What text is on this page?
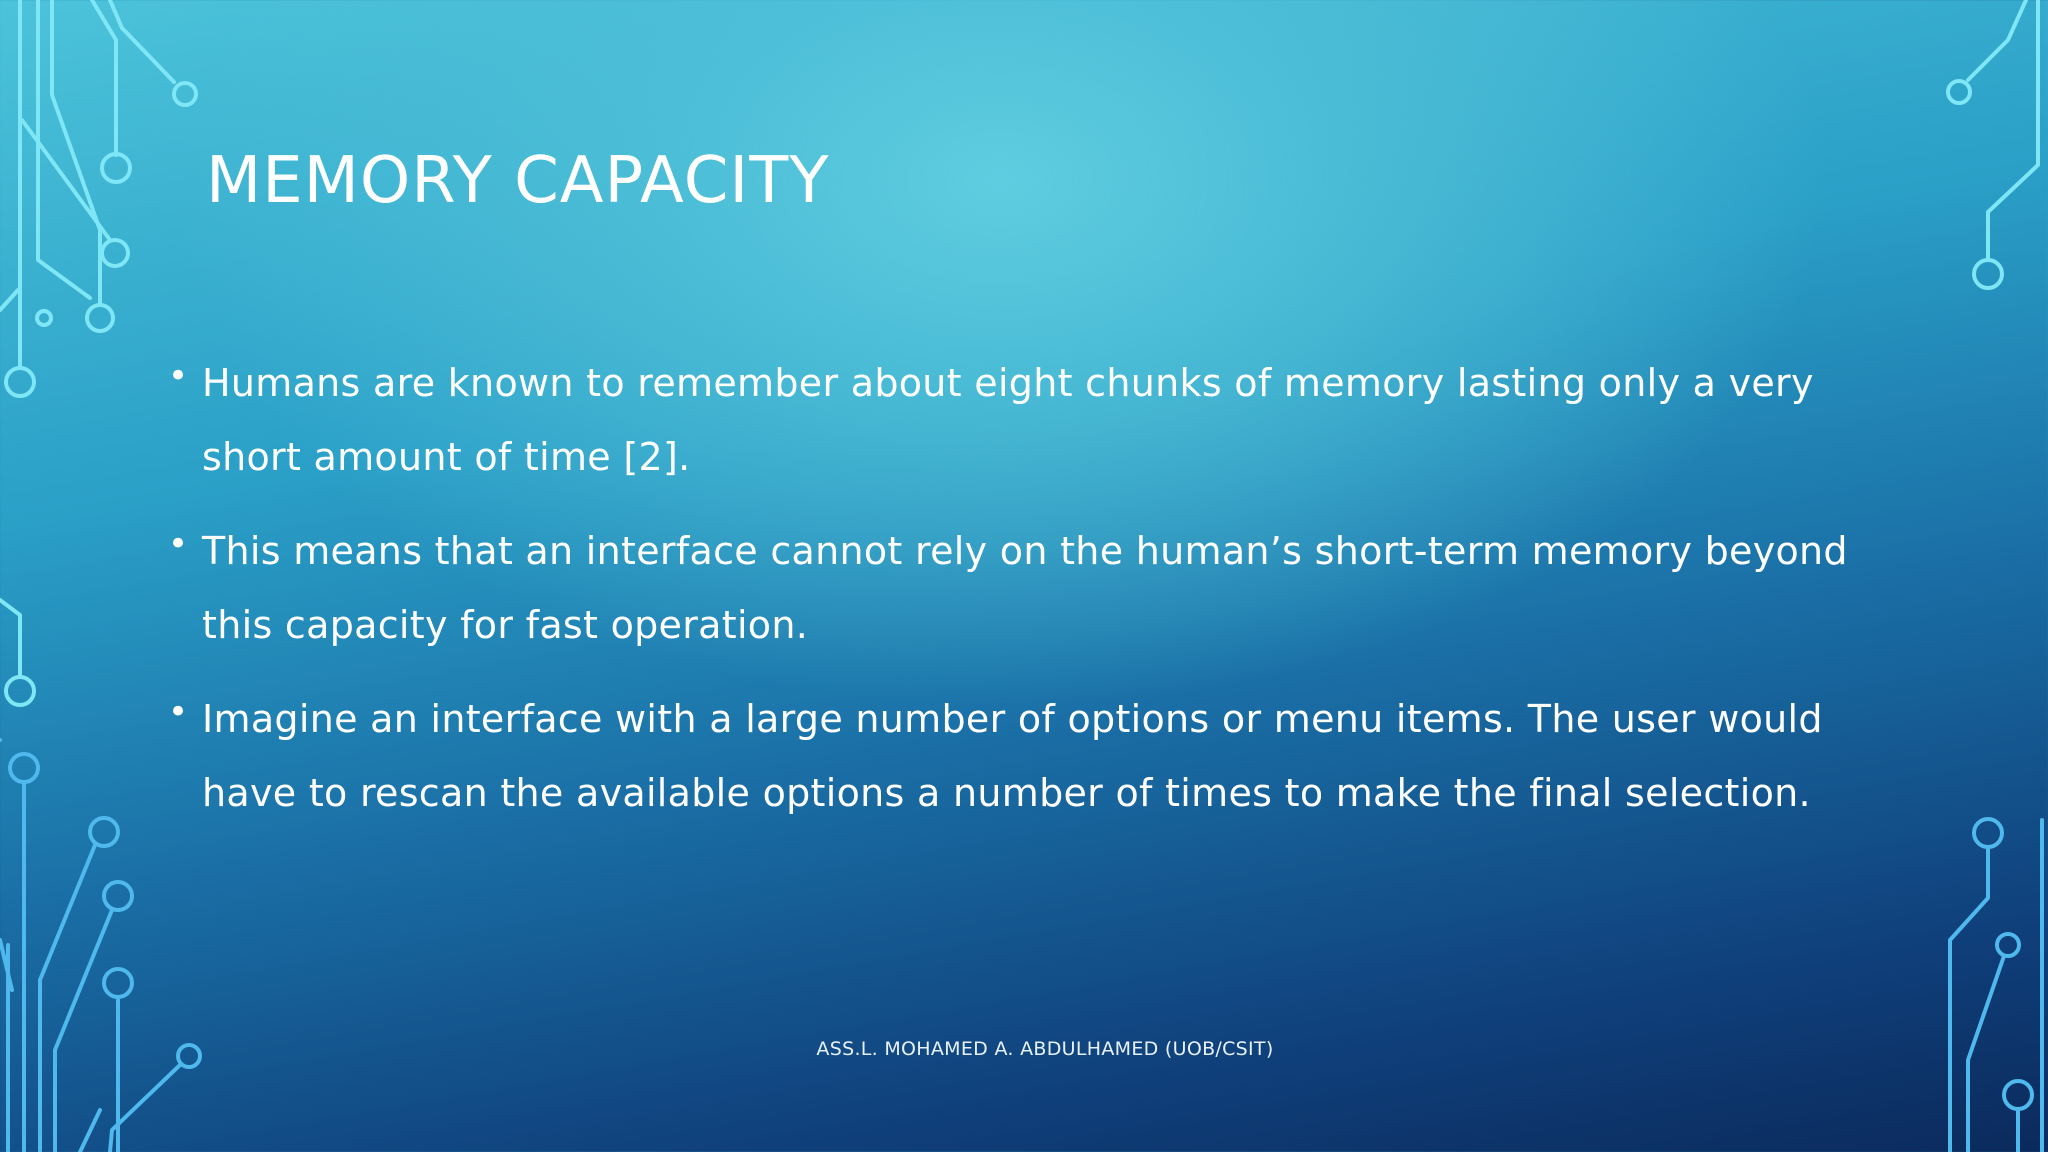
MEMORY CAPACITY
• Humans are known to remember about eight chunks of memory lasting only a very short amount of time [2].
• This means that an interface cannot rely on the human’s short-term memory beyond this capacity for fast operation.
• Imagine an interface with a large number of options or menu items. The user would have to rescan the available options a number of times to make the final selection.
ASS.L. MOHAMED A. ABDULHAMED (UOB/CSIT)
